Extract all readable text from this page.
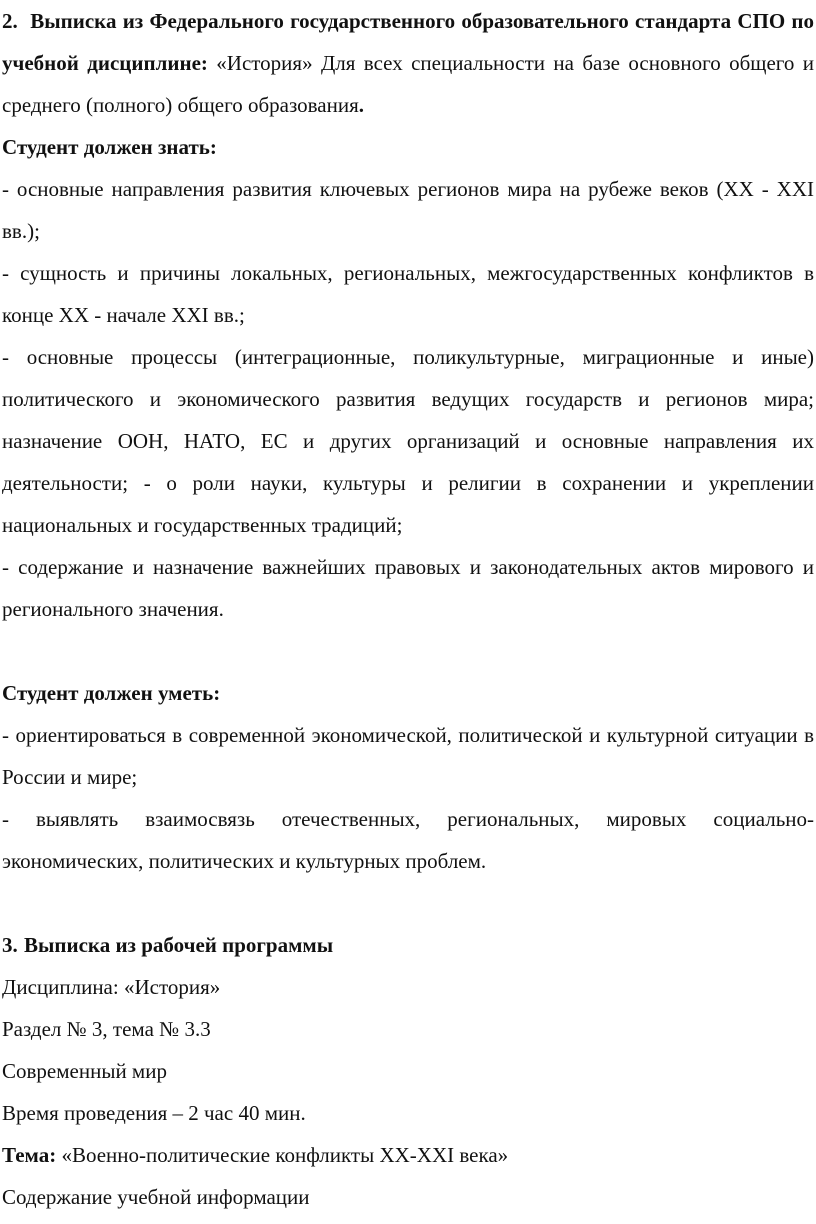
2. Выписка из Федерального государственного образовательного стандарта СПО по учебной дисциплине: «История» Для всех специальности на базе основного общего и среднего (полного) общего образования.

Студент должен знать:

- основные направления развития ключевых регионов мира на рубеже веков (XX - XXI вв.);

- сущность и причины локальных, региональных, межгосударственных конфликтов в конце XX - начале XXI вв.;

- основные процессы (интеграционные, поликультурные, миграционные и иные) политического и экономического развития ведущих государств и регионов мира; назначение ООН, НАТО, ЕС и других организаций и основные направления их деятельности; - о роли науки, культуры и религии в сохранении и укреплении национальных и государственных традиций;

- содержание и назначение важнейших правовых и законодательных актов мирового и регионального значения.

Студент должен уметь:

- ориентироваться в современной экономической, политической и культурной ситуации в России и мире;

- выявлять взаимосвязь отечественных, региональных, мировых социально-экономических, политических и культурных проблем.

3. Выписка из рабочей программы

Дисциплина: «История»

Раздел № 3, тема № 3.3

Современный мир

Время проведения – 2 час 40 мин.

Тема: «Военно-политические конфликты XX-XXI века»

Содержание учебной информации
